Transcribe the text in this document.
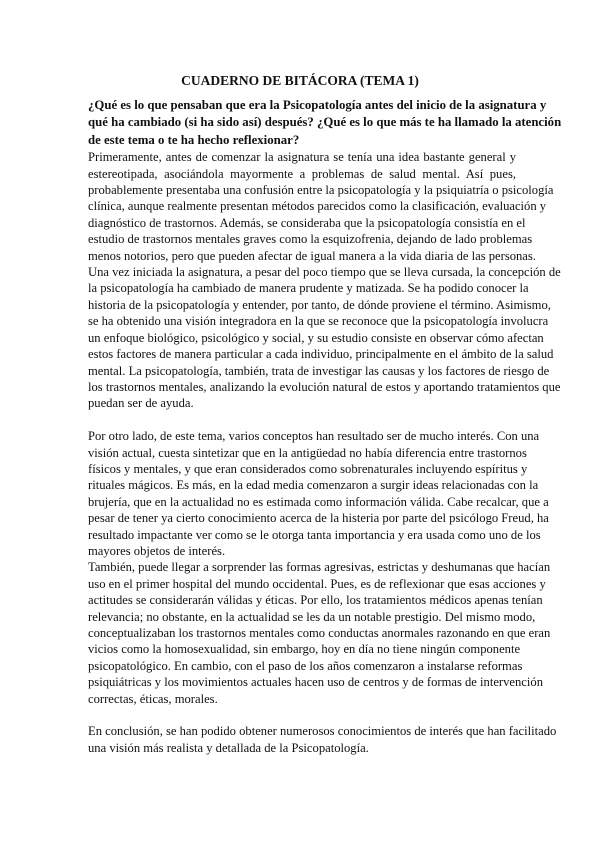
CUADERNO DE BITÁCORA (TEMA 1)
¿Qué es lo que pensaban que era la Psicopatología antes del inicio de la asignatura y
qué ha cambiado (si ha sido así) después? ¿Qué es lo que más te ha llamado la atención
de este tema o te ha hecho reflexionar?
Primeramente, antes de comenzar la asignatura se tenía una idea bastante general y
estereotipada, asociándola mayormente a problemas de salud mental. Así pues,
probablemente presentaba una confusión entre la psicopatología y la psiquiatría o psicología
clínica, aunque realmente presentan métodos parecidos como la clasificación, evaluación y
diagnóstico de trastornos. Además, se consideraba que la psicopatología consistía en el
estudio de trastornos mentales graves como la esquizofrenia, dejando de lado problemas
menos notorios, pero que pueden afectar de igual manera a la vida diaria de las personas.
Una vez iniciada la asignatura, a pesar del poco tiempo que se lleva cursada, la concepción de
la psicopatología ha cambiado de manera prudente y matizada. Se ha podido conocer la
historia de la psicopatología y entender, por tanto, de dónde proviene el término. Asimismo,
se ha obtenido una visión integradora en la que se reconoce que la psicopatología involucra
un enfoque biológico, psicológico y social, y su estudio consiste en observar cómo afectan
estos factores de manera particular a cada individuo, principalmente en el ámbito de la salud
mental. La psicopatología, también, trata de investigar las causas y los factores de riesgo de
los trastornos mentales, analizando la evolución natural de estos y aportando tratamientos que
puedan ser de ayuda.
Por otro lado, de este tema, varios conceptos han resultado ser de mucho interés. Con una
visión actual, cuesta sintetizar que en la antigüedad no había diferencia entre trastornos
físicos y mentales, y que eran considerados como sobrenaturales incluyendo espíritus y
rituales mágicos. Es más, en la edad media comenzaron a surgir ideas relacionadas con la
brujería, que en la actualidad no es estimada como información válida. Cabe recalcar, que a
pesar de tener ya cierto conocimiento acerca de la histeria por parte del psicólogo Freud, ha
resultado impactante ver como se le otorga tanta importancia y era usada como uno de los
mayores objetos de interés.
También, puede llegar a sorprender las formas agresivas, estrictas y deshumanas que hacían
uso en el primer hospital del mundo occidental. Pues, es de reflexionar que esas acciones y
actitudes se considerarán válidas y éticas. Por ello, los tratamientos médicos apenas tenían
relevancia; no obstante, en la actualidad se les da un notable prestigio. Del mismo modo,
conceptualizaban los trastornos mentales como conductas anormales razonando en que eran
vicios como la homosexualidad, sin embargo, hoy en día no tiene ningún componente
psicopatológico. En cambio, con el paso de los años comenzaron a instalarse reformas
psiquiátricas y los movimientos actuales hacen uso de centros y de formas de intervención
correctas, éticas, morales.
En conclusión, se han podido obtener numerosos conocimientos de interés que han facilitado
una visión más realista y detallada de la Psicopatología.
